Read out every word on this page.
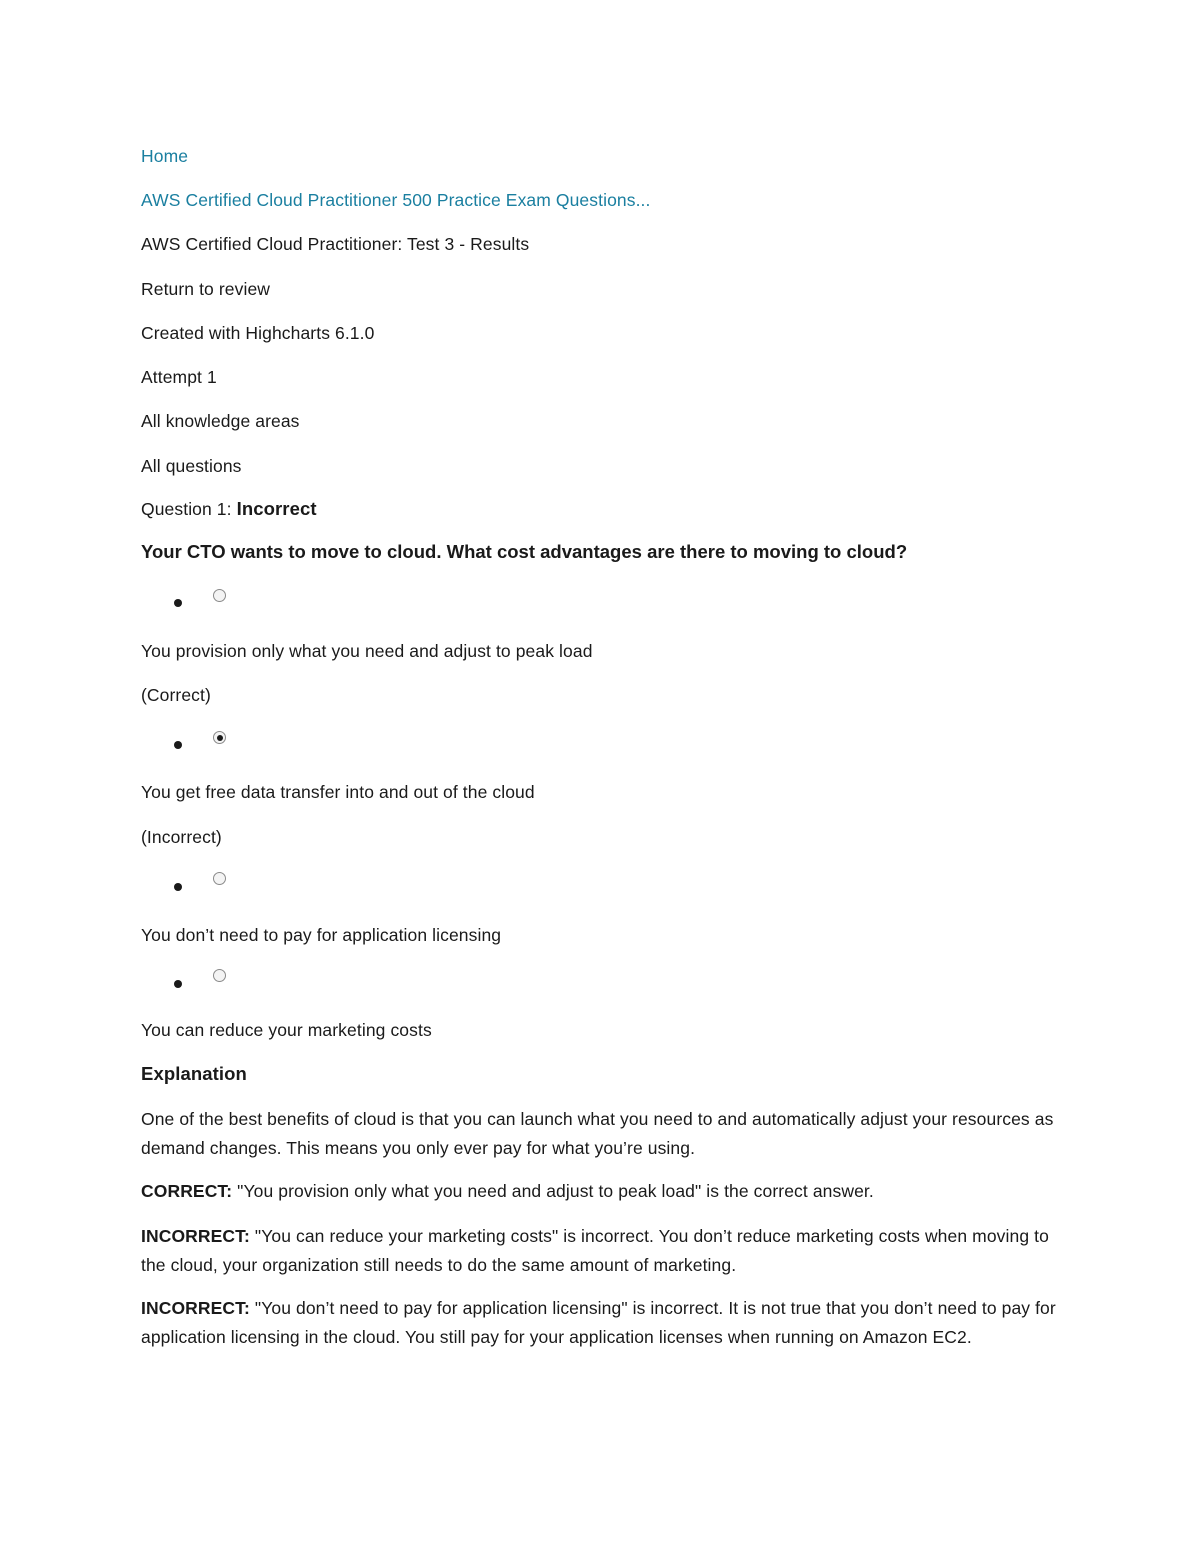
Home
AWS Certified Cloud Practitioner 500 Practice Exam Questions...
AWS Certified Cloud Practitioner: Test 3 - Results
Return to review
Created with Highcharts 6.1.0
Attempt 1
All knowledge areas
All questions
Question 1: Incorrect
Your CTO wants to move to cloud. What cost advantages are there to moving to cloud?
You provision only what you need and adjust to peak load
(Correct)
You get free data transfer into and out of the cloud
(Incorrect)
You don’t need to pay for application licensing
You can reduce your marketing costs
Explanation
One of the best benefits of cloud is that you can launch what you need to and automatically adjust your resources as demand changes. This means you only ever pay for what you’re using.
CORRECT: "You provision only what you need and adjust to peak load" is the correct answer.
INCORRECT: "You can reduce your marketing costs" is incorrect. You don’t reduce marketing costs when moving to the cloud, your organization still needs to do the same amount of marketing.
INCORRECT: "You don’t need to pay for application licensing" is incorrect. It is not true that you don’t need to pay for application licensing in the cloud. You still pay for your application licenses when running on Amazon EC2.
